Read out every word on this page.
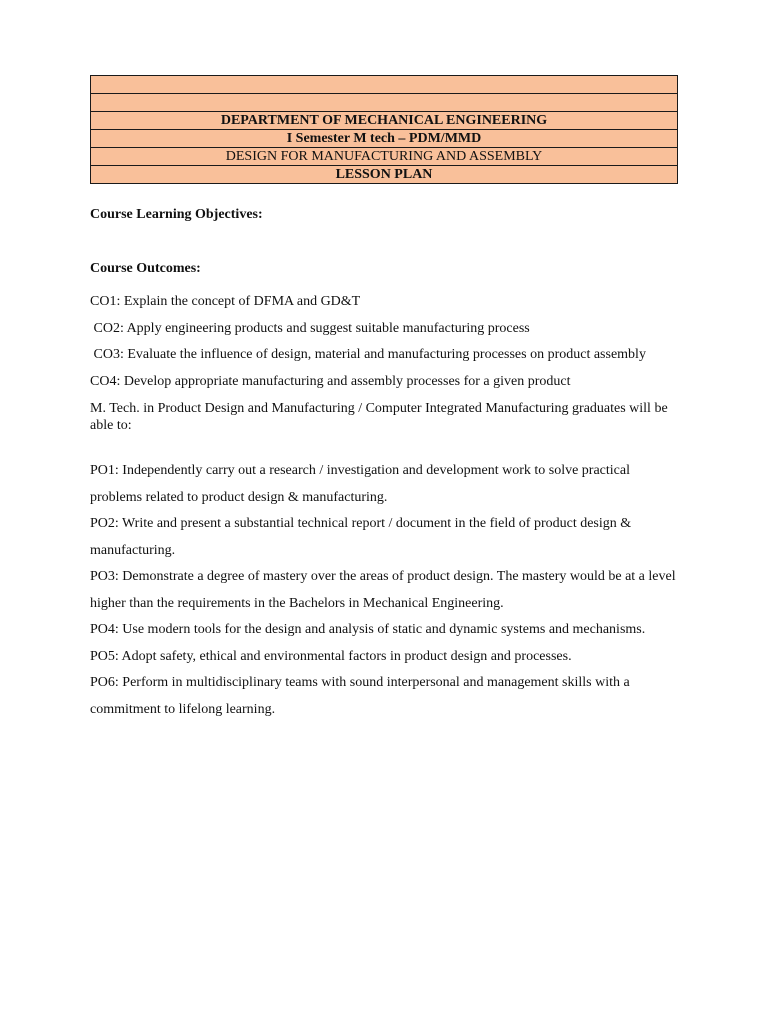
DEPARTMENT OF MECHANICAL ENGINEERING
I Semester M tech – PDM/MMD
DESIGN FOR MANUFACTURING AND ASSEMBLY
LESSON PLAN

Course Learning Objectives:

Course Outcomes:

CO1: Explain the concept of DFMA and GD&T

CO2: Apply engineering products and suggest suitable manufacturing process

CO3: Evaluate the influence of design, material and manufacturing processes on product assembly

CO4: Develop appropriate manufacturing and assembly processes for a given product

M. Tech. in Product Design and Manufacturing / Computer Integrated Manufacturing graduates will be able to:

PO1: Independently carry out a research / investigation and development work to solve practical problems related to product design & manufacturing.

PO2: Write and present a substantial technical report / document in the field of product design & manufacturing.

PO3: Demonstrate a degree of mastery over the areas of product design. The mastery would be at a level higher than the requirements in the Bachelors in Mechanical Engineering.

PO4: Use modern tools for the design and analysis of static and dynamic systems and mechanisms.

PO5: Adopt safety, ethical and environmental factors in product design and processes.

PO6: Perform in multidisciplinary teams with sound interpersonal and management skills with a commitment to lifelong learning.
